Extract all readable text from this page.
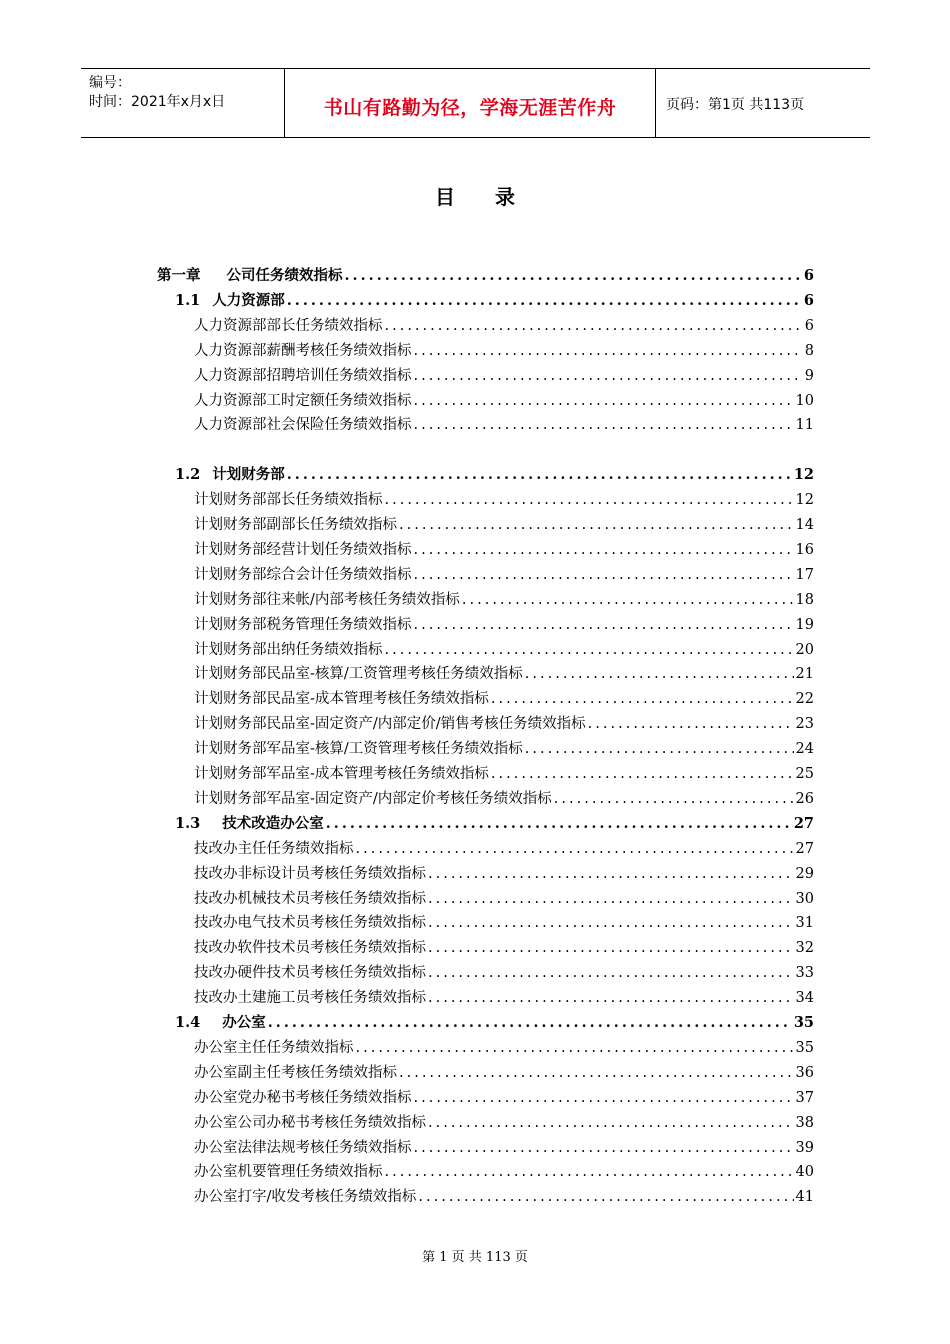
编号：
时间：2021年x月x日	书山有路勤为径，学海无涯苦作舟	页码：第1页 共113页
目 录
第一章 公司任务绩效指标 .....	6
1.1 人力资源部 .....	6
人力资源部部长任务绩效指标 .....	6
人力资源部薪酬考核任务绩效指标 .....	8
人力资源部招聘培训任务绩效指标 .....	9
人力资源部工时定额任务绩效指标 .....	10
人力资源部社会保险任务绩效指标 .....	11
1.2 计划财务部 .....	12
计划财务部部长任务绩效指标 .....	12
计划财务部副部长任务绩效指标 .....	14
计划财务部经营计划任务绩效指标 .....	16
计划财务部综合会计任务绩效指标 .....	17
计划财务部往来帐/内部考核任务绩效指标 .....	18
计划财务部税务管理任务绩效指标 .....	19
计划财务部出纳任务绩效指标 .....	20
计划财务部民品室-核算/工资管理考核任务绩效指标 .....	21
计划财务部民品室-成本管理考核任务绩效指标 .....	22
计划财务部民品室-固定资产/内部定价/销售考核任务绩效指标 .....	23
计划财务部军品室-核算/工资管理考核任务绩效指标 .....	24
计划财务部军品室-成本管理考核任务绩效指标 .....	25
计划财务部军品室-固定资产/内部定价考核任务绩效指标 .....	26
1.3 技术改造办公室 .....	27
技改办主任任务绩效指标 .....	27
技改办非标设计员考核任务绩效指标 .....	29
技改办机械技术员考核任务绩效指标 .....	30
技改办电气技术员考核任务绩效指标 .....	31
技改办软件技术员考核任务绩效指标 .....	32
技改办硬件技术员考核任务绩效指标 .....	33
技改办土建施工员考核任务绩效指标 .....	34
1.4 办公室 .....	35
办公室主任任务绩效指标 .....	35
办公室副主任考核任务绩效指标 .....	36
办公室党办秘书考核任务绩效指标 .....	37
办公室公司办秘书考核任务绩效指标 .....	38
办公室法律法规考核任务绩效指标 .....	39
办公室机要管理任务绩效指标 .....	40
办公室打字/收发考核任务绩效指标 .....	41
第 1 页 共 113 页
